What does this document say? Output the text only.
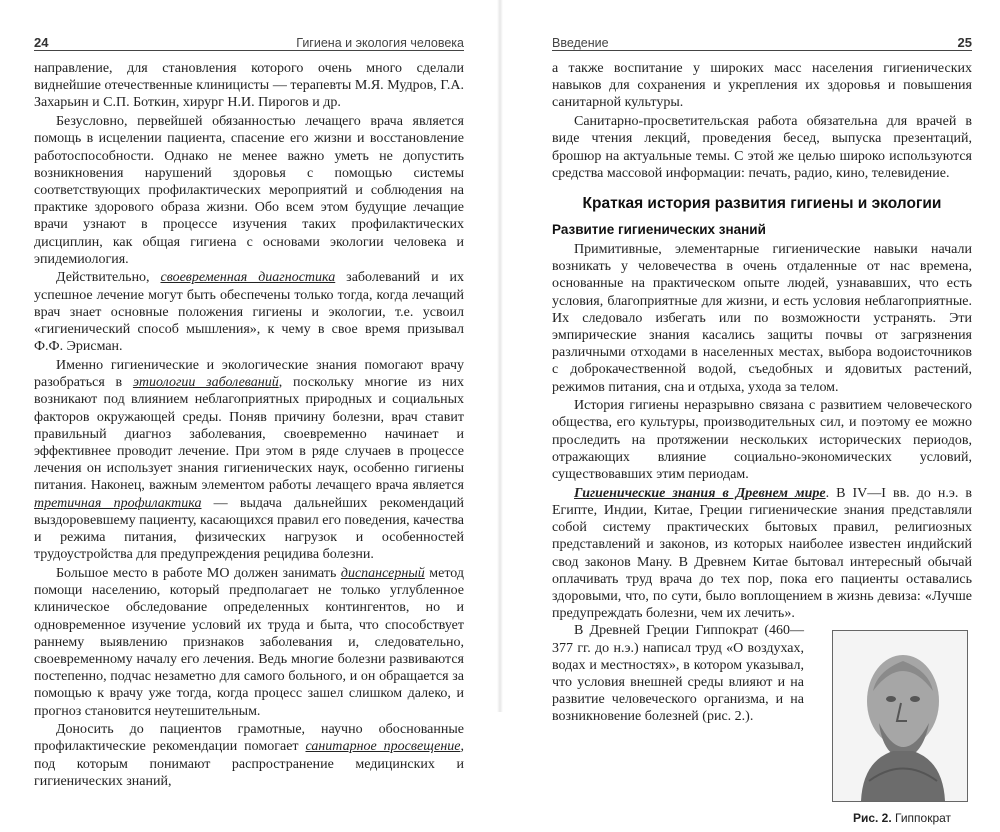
24	Гигиена и экология человека

направление, для становления которого очень много сделали виднейшие отечественные клиницисты — терапевты М.Я. Мудров, Г.А. Захарьин и С.П. Боткин, хирург Н.И. Пирогов и др.

Безусловно, первейшей обязанностью лечащего врача является помощь в исцелении пациента, спасение его жизни и восстановление работоспособности. Однако не менее важно уметь не допустить возникновения нарушений здоровья с помощью системы соответствующих профилактических мероприятий и соблюдения на практике здорового образа жизни. Обо всем этом будущие лечащие врачи узнают в процессе изучения таких профилактических дисциплин, как общая гигиена с основами экологии человека и эпидемиология.

Действительно, своевременная диагностика заболеваний и их успешное лечение могут быть обеспечены только тогда, когда лечащий врач знает основные положения гигиены и экологии, т.е. усвоил «гигиенический способ мышления», к чему в свое время призывал Ф.Ф. Эрисман.

Именно гигиенические и экологические знания помогают врачу разобраться в этиологии заболеваний, поскольку многие из них возникают под влиянием неблагоприятных природных и социальных факторов окружающей среды. Поняв причину болезни, врач ставит правильный диагноз заболевания, своевременно начинает и эффективнее проводит лечение. При этом в ряде случаев в процессе лечения он использует знания гигиенических наук, особенно гигиены питания. Наконец, важным элементом работы лечащего врача является третичная профилактика — выдача дальнейших рекомендаций выздоровевшему пациенту, касающихся правил его поведения, качества и режима питания, физических нагрузок и особенностей трудоустройства для предупреждения рецидива болезни.

Большое место в работе МО должен занимать диспансерный метод помощи населению, который предполагает не только углубленное клиническое обследование определенных контингентов, но и одновременное изучение условий их труда и быта, что способствует раннему выявлению признаков заболевания и, следовательно, своевременному началу его лечения. Ведь многие болезни развиваются постепенно, подчас незаметно для самого больного, и он обращается за помощью к врачу уже тогда, когда процесс зашел слишком далеко, и прогноз становится неутешительным.

Доносить до пациентов грамотные, научно обоснованные профилактические рекомендации помогает санитарное просвещение, под которым понимают распространение медицинских и гигиенических знаний,

Введение	25

а также воспитание у широких масс населения гигиенических навыков для сохранения и укрепления их здоровья и повышения санитарной культуры.

Санитарно-просветительская работа обязательна для врачей в виде чтения лекций, проведения бесед, выпуска презентаций, брошюр на актуальные темы. С этой же целью широко используются средства массовой информации: печать, радио, кино, телевидение.

Краткая история развития гигиены и экологии
Развитие гигиенических знаний

Примитивные, элементарные гигиенические навыки начали возникать у человечества в очень отдаленные от нас времена, основанные на практическом опыте людей, узнававших, что есть условия, благоприятные для жизни, и есть условия неблагоприятные. Их следовало избегать или по возможности устранять. Эти эмпирические знания касались защиты почвы от загрязнения различными отходами в населенных местах, выбора водоисточников с доброкачественной водой, съедобных и ядовитых растений, режимов питания, сна и отдыха, ухода за телом.

История гигиены неразрывно связана с развитием человеческого общества, его культуры, производительных сил, и поэтому ее можно проследить на протяжении нескольких исторических периодов, отражающих влияние социально-экономических условий, существовавших этим периодам.

Гигиенические знания в Древнем мире. В IV—I вв. до н.э. в Египте, Индии, Китае, Греции гигиенические знания представляли собой систему практических бытовых правил, религиозных представлений и законов, из которых наиболее известен индийский свод законов Ману. В Древнем Китае бытовал интересный обычай оплачивать труд врача до тех пор, пока его пациенты оставались здоровыми, что, по сути, было воплощением в жизнь девиза: «Лучше предупреждать болезни, чем их лечить».

Рис. 2. Гиппократ

В Древней Греции Гиппократ (460—377 гг. до н.э.) написал труд «О воздухах, водах и местностях», в котором указывал, что условия внешней среды влияют и на развитие человеческого организма, и на возникновение болезней (рис. 2.).
